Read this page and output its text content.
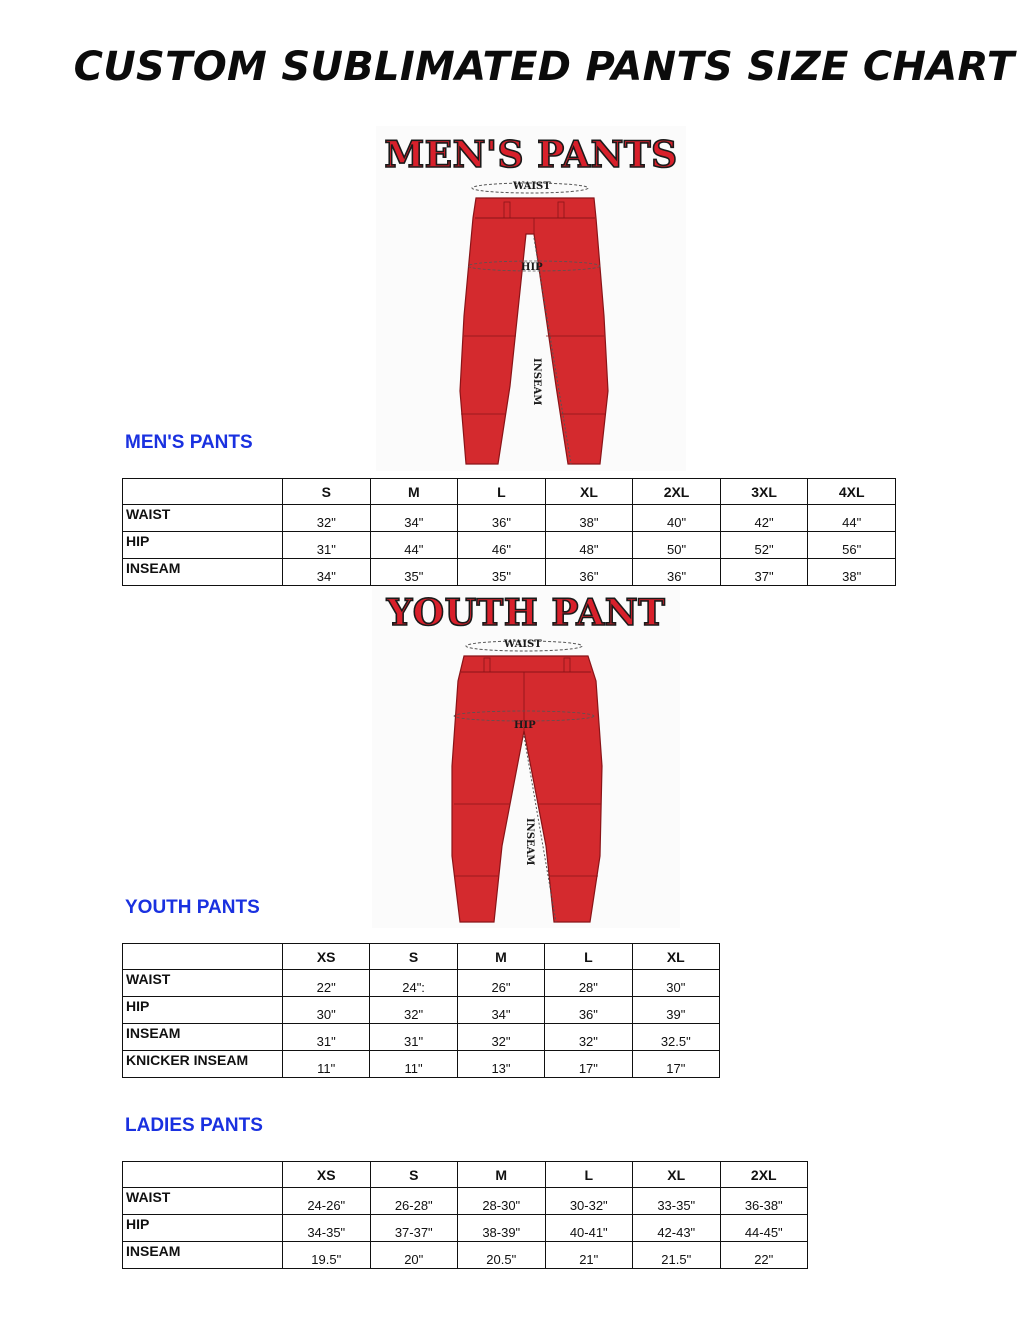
CUSTOM SUBLIMATED PANTS SIZE CHART
MEN'S PANTS
WAIST
HIP
INSEAM
MEN'S PANTS
	S	M	L	XL	2XL	3XL	4XL
WAIST	32"	34"	36"	38"	40"	42"	44"
HIP	31"	44"	46"	48"	50"	52"	56"
INSEAM	34"	35"	35"	36"	36"	37"	38"
YOUTH PANT
WAIST
HIP
INSEAM
YOUTH PANTS
	XS	S	M	L	XL
WAIST	22"	24":	26"	28"	30"
HIP	30"	32"	34"	36"	39"
INSEAM	31"	31"	32"	32"	32.5"
KNICKER INSEAM	11"	11"	13"	17"	17"
LADIES PANTS
	XS	S	M	L	XL	2XL
WAIST	24-26"	26-28"	28-30"	30-32"	33-35"	36-38"
HIP	34-35"	37-37"	38-39"	40-41"	42-43"	44-45"
INSEAM	19.5"	20"	20.5"	21"	21.5"	22"
